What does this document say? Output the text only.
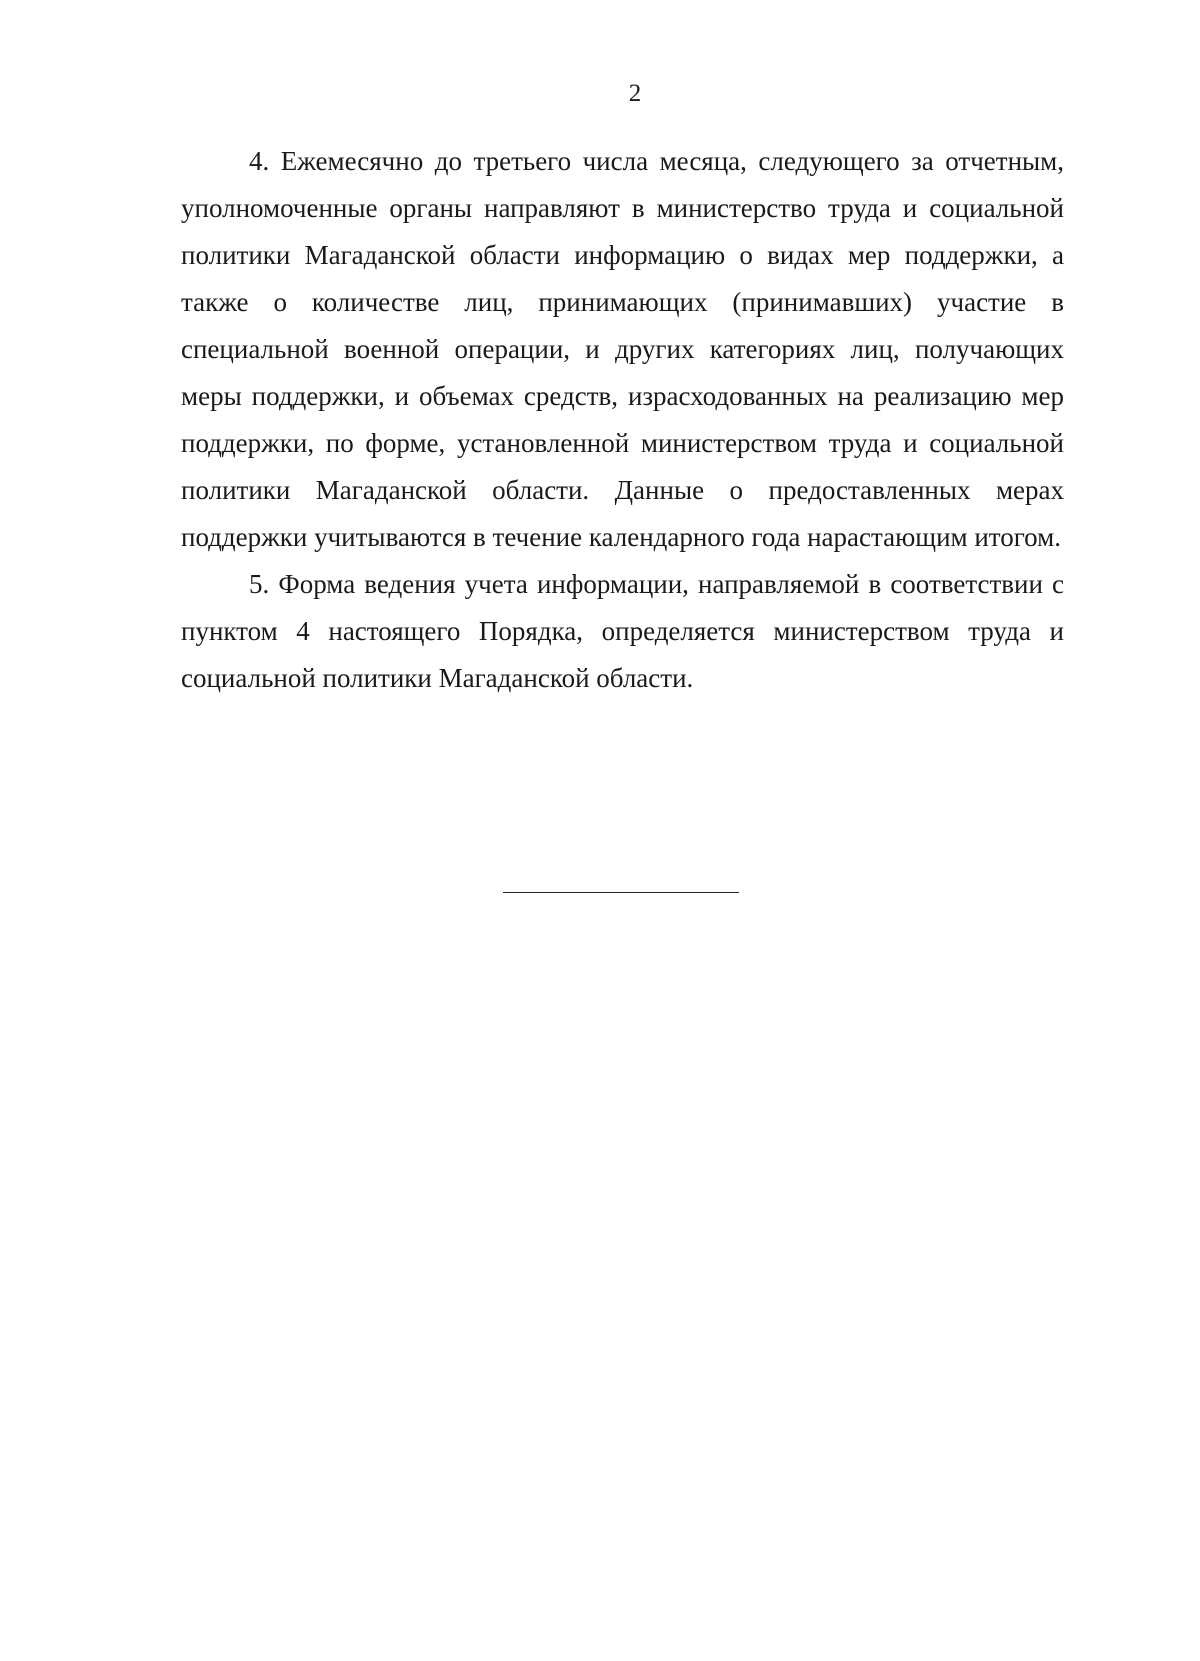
2

4. Ежемесячно до третьего числа месяца, следующего за отчетным, уполномоченные органы направляют в министерство труда и социальной политики Магаданской области информацию о видах мер поддержки, а также о количестве лиц, принимающих (принимавших) участие в специальной военной операции, и других категориях лиц, получающих меры поддержки, и объемах средств, израсходованных на реализацию мер поддержки, по форме, установленной министерством труда и социальной политики Магаданской области. Данные о предоставленных мерах поддержки учитываются в течение календарного года нарастающим итогом.

5. Форма ведения учета информации, направляемой в соответствии с пунктом 4 настоящего Порядка, определяется министерством труда и социальной политики Магаданской области.
